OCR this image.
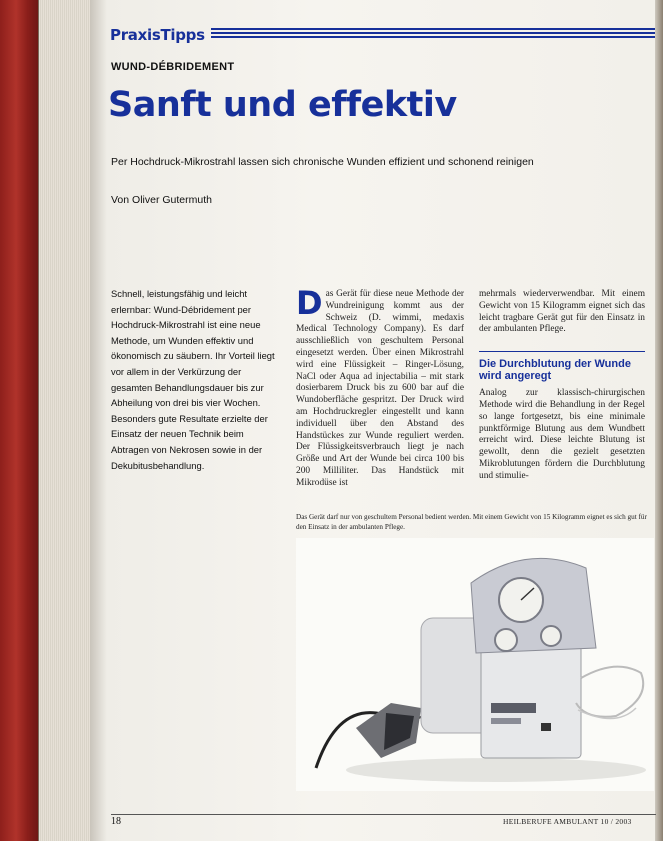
PraxisTipps
WUND-DÉBRIDEMENT
Sanft und effektiv
Per Hochdruck-Mikrostrahl lassen sich chronische Wunden effizient und schonend reinigen
Von Oliver Gutermuth
Schnell, leistungsfähig und leicht erlernbar: Wund-Débridement per Hochdruck-Mikrostrahl ist eine neue Methode, um Wunden effektiv und ökonomisch zu säubern. Ihr Vorteil liegt vor allem in der Verkürzung der gesamten Behandlungsdauer bis zur Abheilung von drei bis vier Wochen. Besonders gute Resultate erzielte der Einsatz der neuen Technik beim Abtragen von Nekrosen sowie in der Dekubitusbehandlung.
Das Gerät für diese neue Methode der Wundreinigung kommt aus der Schweiz (D. wimmi, medaxis Medical Technology Company). Es darf ausschließlich von geschultem Personal eingesetzt werden. Über einen Mikrostrahl wird eine Flüssigkeit – Ringer-Lösung, NaCl oder Aqua ad injectabilia – mit stark dosierbarem Druck bis zu 600 bar auf die Wundoberfläche gespritzt. Der Druck wird am Hochdruckregler eingestellt und kann individuell über den Abstand des Handstückes zur Wunde reguliert werden. Der Flüssigkeitsverbrauch liegt je nach Größe und Art der Wunde bei circa 100 bis 200 Milliliter. Das Handstück mit Mikrodüse ist
mehrmals wiederverwendbar. Mit einem Gewicht von 15 Kilogramm eignet sich das leicht tragbare Gerät gut für den Einsatz in der ambulanten Pflege.
Die Durchblutung der Wunde wird angeregt
Analog zur klassisch-chirurgischen Methode wird die Behandlung in der Regel so lange fortgesetzt, bis eine minimale punktförmige Blutung aus dem Wundbett erreicht wird. Diese leichte Blutung ist gewollt, denn die gezielt gesetzten Mikroblutungen fördern die Durchblutung und stimulie-
Das Gerät darf nur von geschultem Personal bedient werden. Mit einem Gewicht von 15 Kilogramm eignet es sich gut für den Einsatz in der ambulanten Pflege.
18	HEILBERUFE AMBULANT 10 / 2003
